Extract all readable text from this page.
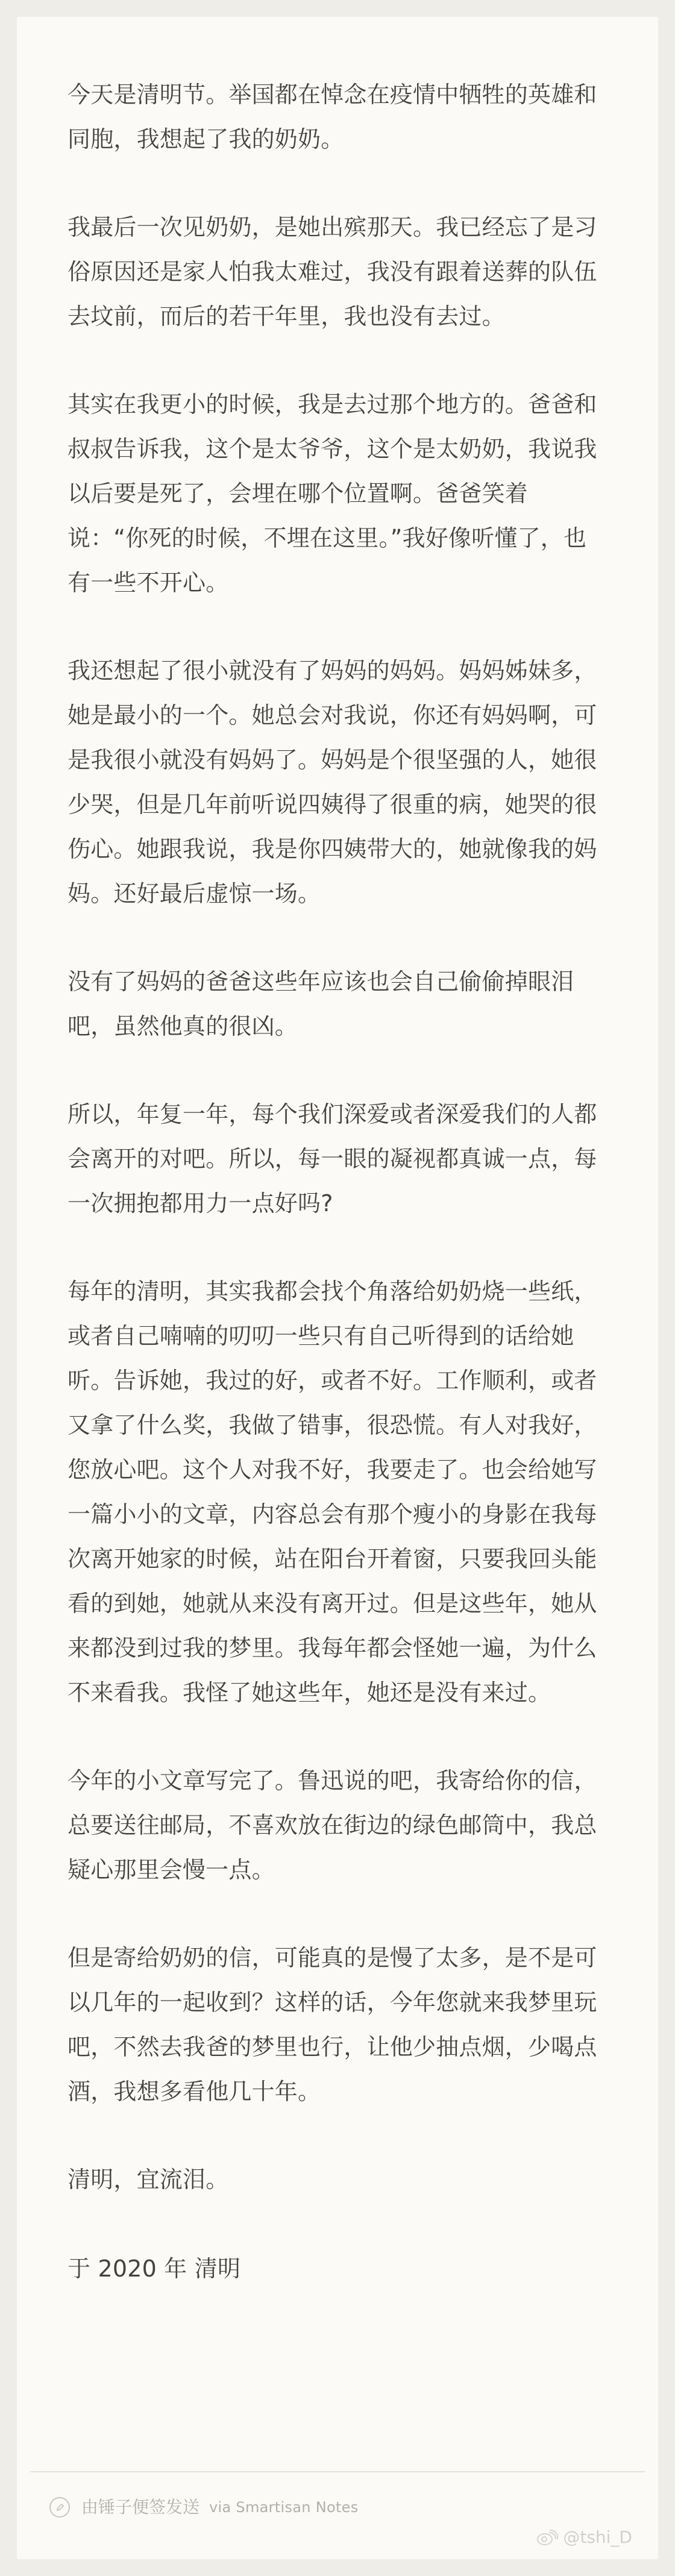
今天是清明节。举国都在悼念在疫情中牺牲的英雄和同胞，我想起了我的奶奶。

我最后一次见奶奶，是她出殡那天。我已经忘了是习俗原因还是家人怕我太难过，我没有跟着送葬的队伍去坟前，而后的若干年里，我也没有去过。

其实在我更小的时候，我是去过那个地方的。爸爸和叔叔告诉我，这个是太爷爷，这个是太奶奶，我说我以后要是死了，会埋在哪个位置啊。爸爸笑着说：“你死的时候，不埋在这里。”我好像听懂了，也有一些不开心。

我还想起了很小就没有了妈妈的妈妈。妈妈姊妹多，她是最小的一个。她总会对我说，你还有妈妈啊，可是我很小就没有妈妈了。妈妈是个很坚强的人，她很少哭，但是几年前听说四姨得了很重的病，她哭的很伤心。她跟我说，我是你四姨带大的，她就像我的妈妈。还好最后虚惊一场。

没有了妈妈的爸爸这些年应该也会自己偷偷掉眼泪吧，虽然他真的很凶。

所以，年复一年，每个我们深爱或者深爱我们的人都会离开的对吧。所以，每一眼的凝视都真诚一点，每一次拥抱都用力一点好吗?

每年的清明，其实我都会找个角落给奶奶烧一些纸，或者自己喃喃的叨叨一些只有自己听得到的话给她听。告诉她，我过的好，或者不好。工作顺利，或者又拿了什么奖，我做了错事，很恐慌。有人对我好，您放心吧。这个人对我不好，我要走了。也会给她写一篇小小的文章，内容总会有那个瘦小的身影在我每次离开她家的时候，站在阳台开着窗，只要我回头能看的到她，她就从来没有离开过。但是这些年，她从来都没到过我的梦里。我每年都会怪她一遍，为什么不来看我。我怪了她这些年，她还是没有来过。

今年的小文章写完了。鲁迅说的吧，我寄给你的信，总要送往邮局，不喜欢放在街边的绿色邮筒中，我总疑心那里会慢一点。

但是寄给奶奶的信，可能真的是慢了太多，是不是可以几年的一起收到？这样的话，今年您就来我梦里玩吧，不然去我爸的梦里也行，让他少抽点烟，少喝点酒，我想多看他几十年。

清明，宜流泪。

于 2020 年 清明

由锤子便签发送 via Smartisan Notes
@tshi_D
